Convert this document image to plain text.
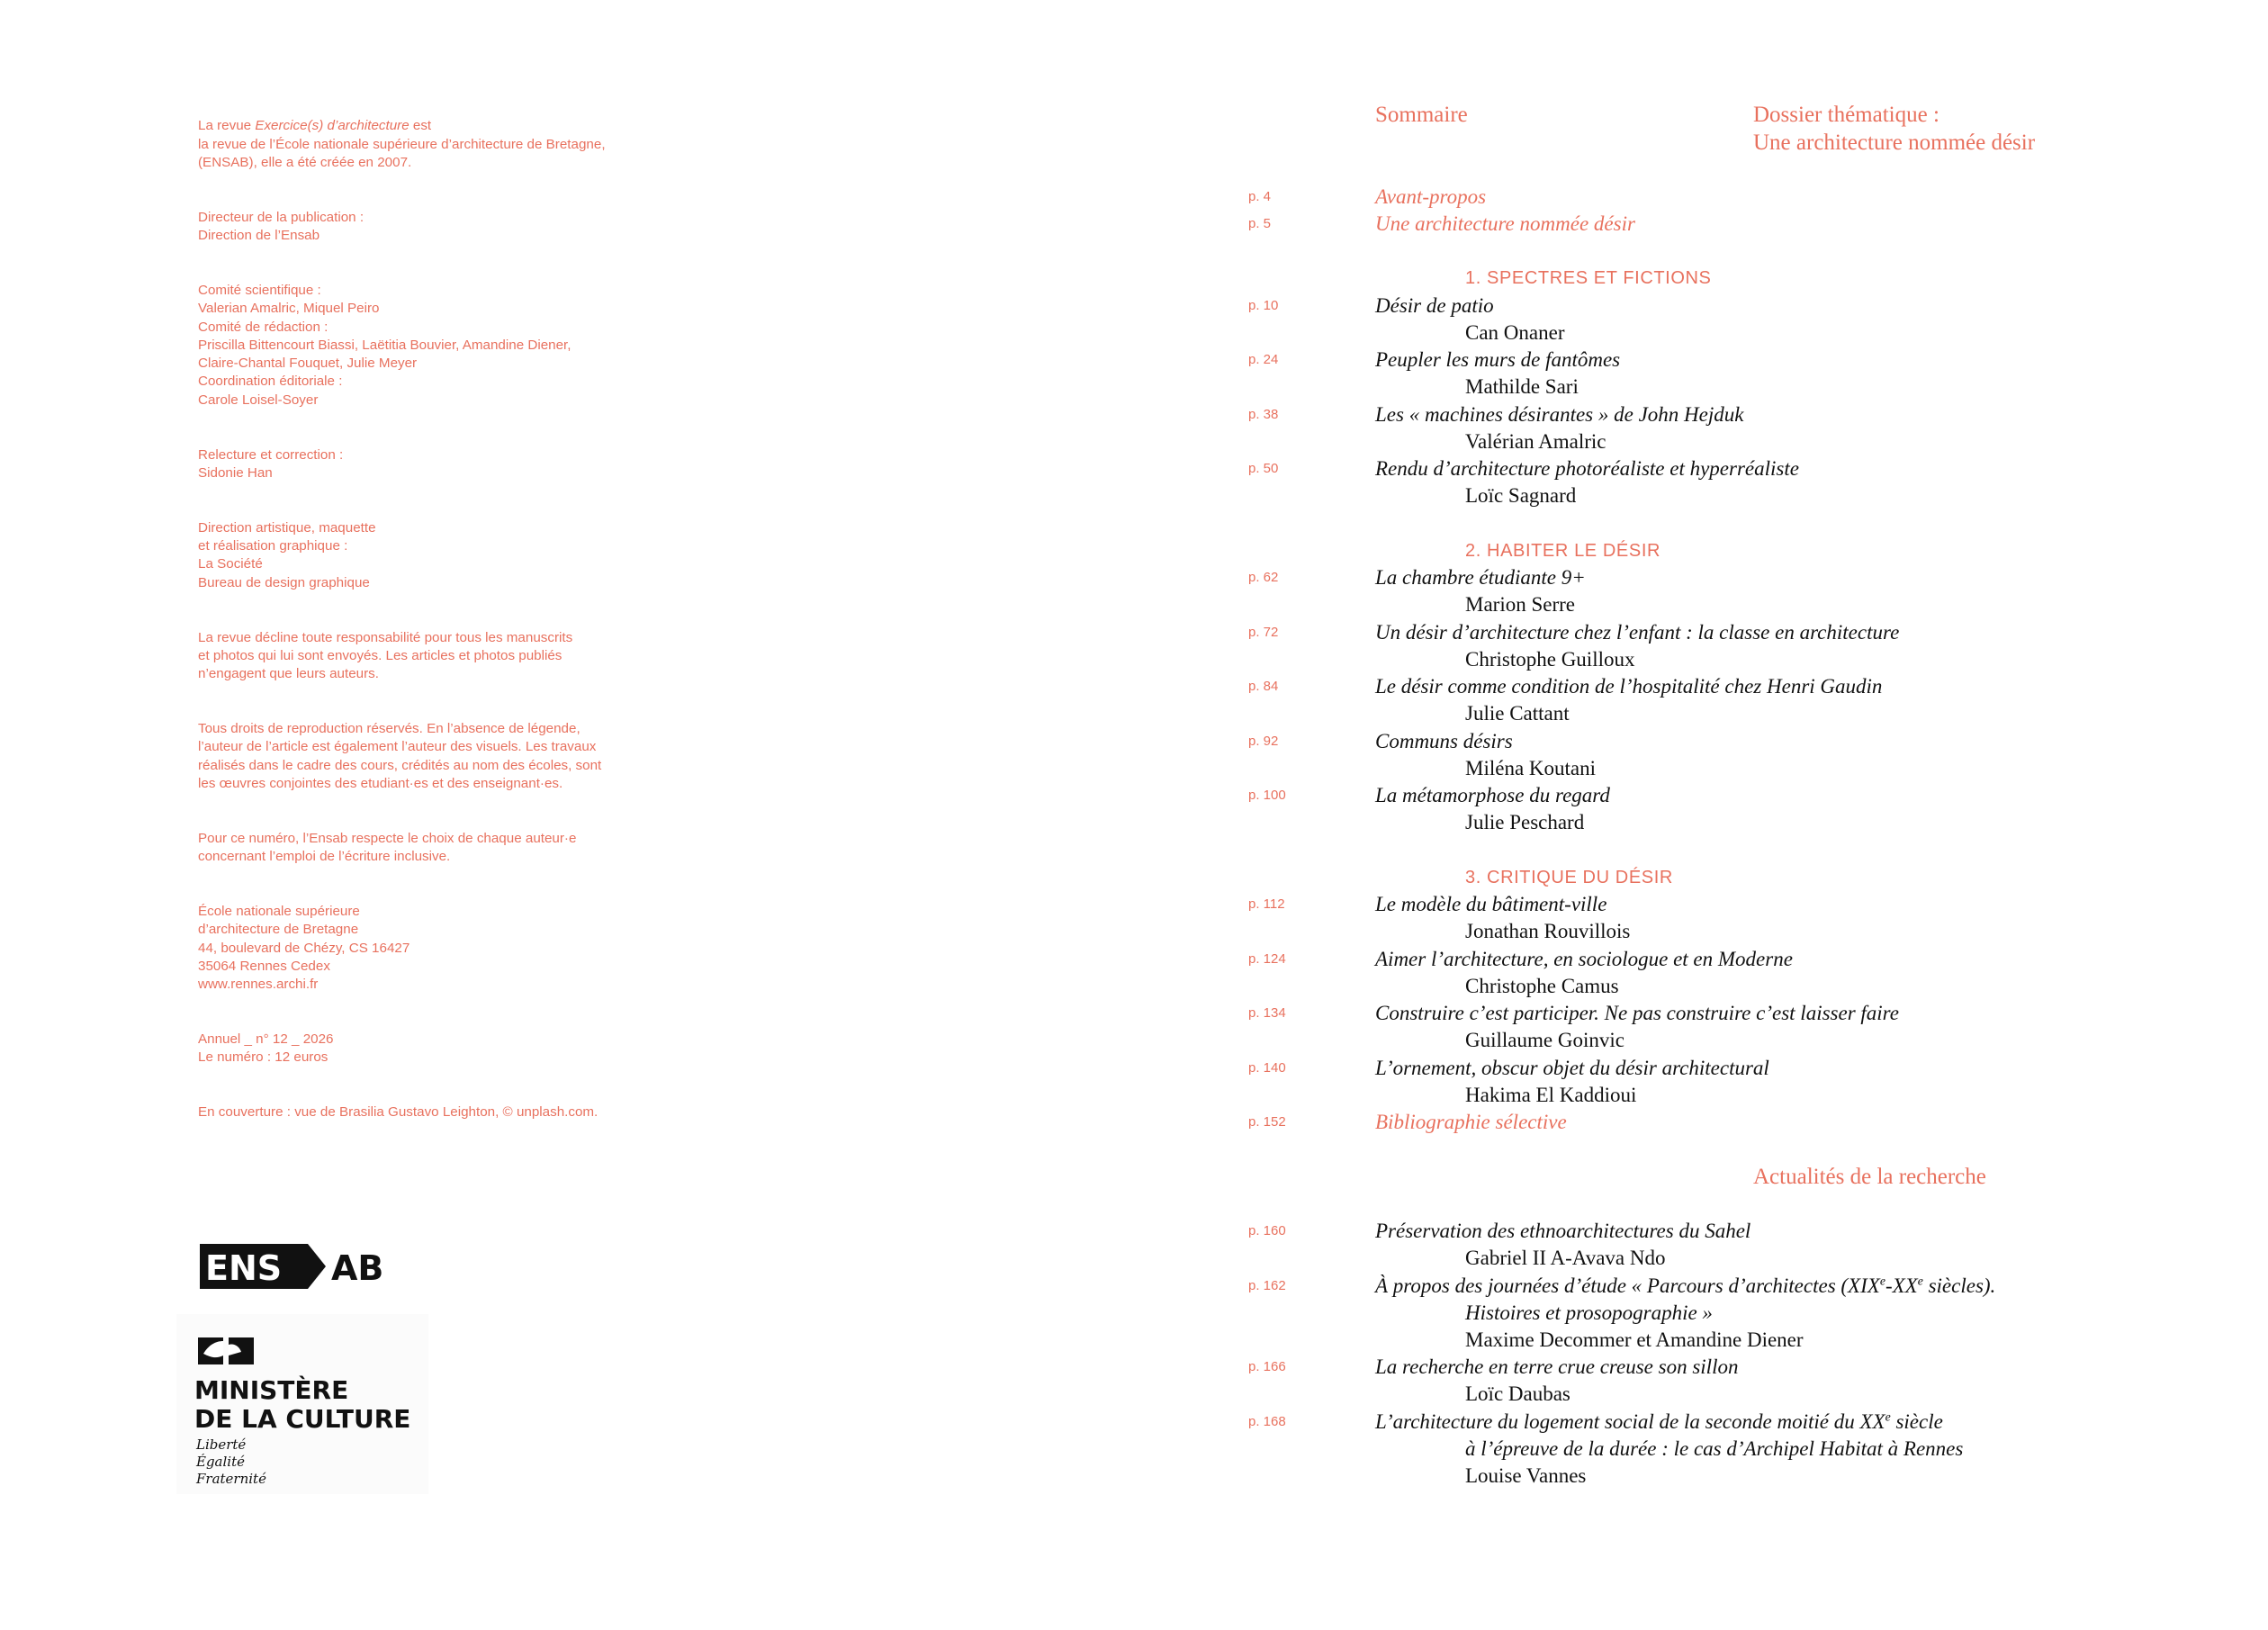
La revue Exercice(s) d’architecture est
la revue de l’École nationale supérieure d’architecture de Bretagne,
(ENSAB), elle a été créée en 2007.

Directeur de la publication :
Direction de l’Ensab

Comité scientifique :
Valerian Amalric, Miquel Peiro
Comité de rédaction :
Priscilla Bittencourt Biassi, Laëtitia Bouvier, Amandine Diener,
Claire-Chantal Fouquet, Julie Meyer
Coordination éditoriale :
Carole Loisel-Soyer

Relecture et correction :
Sidonie Han

Direction artistique, maquette
et réalisation graphique :
La Société
Bureau de design graphique

La revue décline toute responsabilité pour tous les manuscrits
et photos qui lui sont envoyés. Les articles et photos publiés
n’engagent que leurs auteurs.

Tous droits de reproduction réservés. En l’absence de légende,
l’auteur de l’article est également l’auteur des visuels. Les travaux
réalisés dans le cadre des cours, crédités au nom des écoles, sont
les œuvres conjointes des etudiant·es et des enseignant·es.

Pour ce numéro, l’Ensab respecte le choix de chaque auteur·e
concernant l’emploi de l’écriture inclusive.

École nationale supérieure
d’architecture de Bretagne
44, boulevard de Chézy, CS 16427
35064 Rennes Cedex
www.rennes.archi.fr

Annuel _ n° 12 _ 2026
Le numéro : 12 euros

En couverture : vue de Brasilia Gustavo Leighton, © unplash.com.

ENS AB
MINISTÈRE
DE LA CULTURE
Liberté
Égalité
Fraternité
Sommaire	Dossier thématique :
Une architecture nommée désir
p. 4	Avant-propos
p. 5	Une architecture nommée désir
1. SPECTRES ET FICTIONS
p. 10	Désir de patio
Can Onaner
p. 24	Peupler les murs de fantômes
Mathilde Sari
p. 38	Les « machines désirantes » de John Hejduk
Valérian Amalric
p. 50	Rendu d’architecture photoréaliste et hyperréaliste
Loïc Sagnard
2. HABITER LE DÉSIR
p. 62	La chambre étudiante 9+
Marion Serre
p. 72	Un désir d’architecture chez l’enfant : la classe en architecture
Christophe Guilloux
p. 84	Le désir comme condition de l’hospitalité chez Henri Gaudin
Julie Cattant
p. 92	Communs désirs
Miléna Koutani
p. 100	La métamorphose du regard
Julie Peschard
3. CRITIQUE DU DÉSIR
p. 112	Le modèle du bâtiment-ville
Jonathan Rouvillois
p. 124	Aimer l’architecture, en sociologue et en Moderne
Christophe Camus
p. 134	Construire c’est participer. Ne pas construire c’est laisser faire
Guillaume Goinvic
p. 140	L’ornement, obscur objet du désir architectural
Hakima El Kaddioui
p. 152	Bibliographie sélective
Actualités de la recherche
p. 160	Préservation des ethnoarchitectures du Sahel
Gabriel II A-Avava Ndo
p. 162	À propos des journées d’étude « Parcours d’architectes (XIXe-XXe siècles).
Histoires et prosopographie »
Maxime Decommer et Amandine Diener
p. 166	La recherche en terre crue creuse son sillon
Loïc Daubas
p. 168	L’architecture du logement social de la seconde moitié du XXe siècle
à l’épreuve de la durée : le cas d’Archipel Habitat à Rennes
Louise Vannes
